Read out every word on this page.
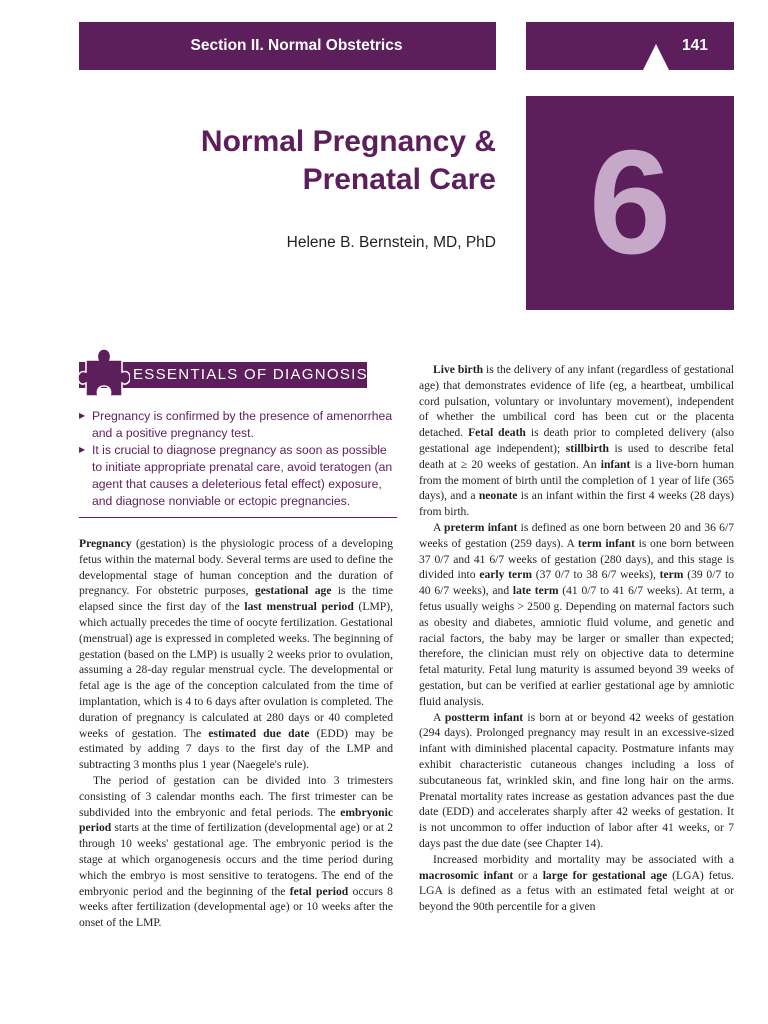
Section II. Normal Obstetrics	141
6
Normal Pregnancy &
Prenatal Care
Helene B. Bernstein, MD, PhD
ESSENTIALS OF DIAGNOSIS
▶ Pregnancy is confirmed by the presence of amenorrhea and a positive pregnancy test.
▶ It is crucial to diagnose pregnancy as soon as possible to initiate appropriate prenatal care, avoid teratogen (an agent that causes a deleterious fetal effect) exposure, and diagnose nonviable or ectopic pregnancies.

Pregnancy (gestation) is the physiologic process of a developing fetus within the maternal body. Several terms are used to define the developmental stage of human conception and the duration of pregnancy. For obstetric purposes, gestational age is the time elapsed since the first day of the last menstrual period (LMP), which actually precedes the time of oocyte fertilization. Gestational (menstrual) age is expressed in completed weeks. The beginning of gestation (based on the LMP) is usually 2 weeks prior to ovulation, assuming a 28-day regular menstrual cycle. The developmental or fetal age is the age of the conception calculated from the time of implantation, which is 4 to 6 days after ovulation is completed. The duration of pregnancy is calculated at 280 days or 40 completed weeks of gestation. The estimated due date (EDD) may be estimated by adding 7 days to the first day of the LMP and subtracting 3 months plus 1 year (Naegele's rule).

The period of gestation can be divided into 3 trimesters consisting of 3 calendar months each. The first trimester can be subdivided into the embryonic and fetal periods. The embryonic period starts at the time of fertilization (developmental age) or at 2 through 10 weeks' gestational age. The embryonic period is the stage at which organogenesis occurs and the time period during which the embryo is most sensitive to teratogens. The end of the embryonic period and the beginning of the fetal period occurs 8 weeks after fertilization (developmental age) or 10 weeks after the onset of the LMP.

Live birth is the delivery of any infant (regardless of gestational age) that demonstrates evidence of life (eg, a heartbeat, umbilical cord pulsation, voluntary or involuntary movement), independent of whether the umbilical cord has been cut or the placenta detached. Fetal death is death prior to completed delivery (also gestational age independent); stillbirth is used to describe fetal death at ≥ 20 weeks of gestation. An infant is a live-born human from the moment of birth until the completion of 1 year of life (365 days), and a neonate is an infant within the first 4 weeks (28 days) from birth.

A preterm infant is defined as one born between 20 and 36 6/7 weeks of gestation (259 days). A term infant is one born between 37 0/7 and 41 6/7 weeks of gestation (280 days), and this stage is divided into early term (37 0/7 to 38 6/7 weeks), term (39 0/7 to 40 6/7 weeks), and late term (41 0/7 to 41 6/7 weeks). At term, a fetus usually weighs > 2500 g. Depending on maternal factors such as obesity and diabetes, amniotic fluid volume, and genetic and racial factors, the baby may be larger or smaller than expected; therefore, the clinician must rely on objective data to determine fetal maturity. Fetal lung maturity is assumed beyond 39 weeks of gestation, but can be verified at earlier gestational age by amniotic fluid analysis.

A postterm infant is born at or beyond 42 weeks of gestation (294 days). Prolonged pregnancy may result in an excessive-sized infant with diminished placental capacity. Postmature infants may exhibit characteristic cutaneous changes including a loss of subcutaneous fat, wrinkled skin, and fine long hair on the arms. Prenatal mortality rates increase as gestation advances past the due date (EDD) and accelerates sharply after 42 weeks of gestation. It is not uncommon to offer induction of labor after 41 weeks, or 7 days past the due date (see Chapter 14).

Increased morbidity and mortality may be associated with a macrosomic infant or a large for gestational age (LGA) fetus. LGA is defined as a fetus with an estimated fetal weight at or beyond the 90th percentile for a given
